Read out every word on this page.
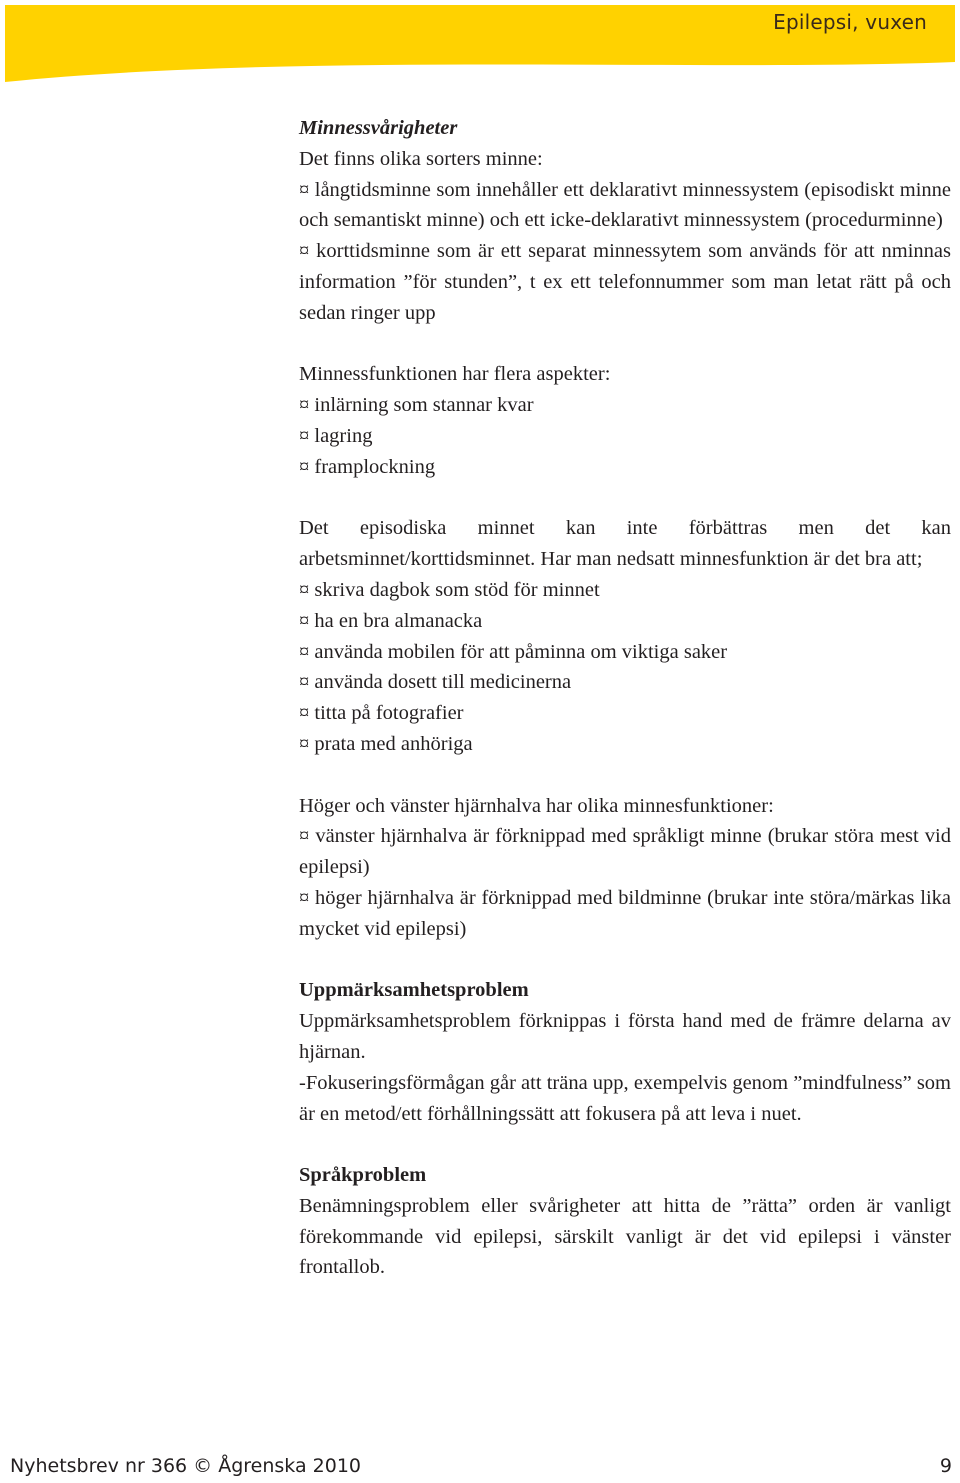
Epilepsi, vuxen

Minnessvårigheter

Det finns olika sorters minne:

¤ långtidsminne som innehåller ett deklarativt minnessystem (episodiskt minne och semantiskt minne) och ett icke-deklarativt minnessystem (procedurminne)

¤ korttidsminne som är ett separat minnessytem som används för att nminnas information ”för stunden”, t ex ett telefonnummer som man letat rätt på och sedan ringer upp

Minnessfunktionen har flera aspekter:

¤ inlärning som stannar kvar

¤ lagring

¤ framplockning

Det episodiska minnet kan inte förbättras men det kan arbetsminnet/korttidsminnet. Har man nedsatt minnesfunktion är det bra att;

¤ skriva dagbok som stöd för minnet

¤ ha en bra almanacka

¤ använda mobilen för att påminna om viktiga saker

¤ använda dosett till medicinerna

¤ titta på fotografier

¤ prata med anhöriga

Höger och vänster hjärnhalva har olika minnesfunktioner:

¤ vänster hjärnhalva är förknippad med språkligt minne (brukar störa mest vid epilepsi)

¤ höger hjärnhalva är förknippad med bildminne (brukar inte störa/märkas lika mycket vid epilepsi)

Uppmärksamhetsproblem

Uppmärksamhetsproblem förknippas i första hand med de främre delarna av hjärnan.

-Fokuseringsförmågan går att träna upp, exempelvis genom ”mindfulness” som är en metod/ett förhållningssätt att fokusera på att leva i nuet.

Språkproblem

Benämningsproblem eller svårigheter att hitta de ”rätta” orden är vanligt förekommande vid epilepsi, särskilt vanligt är det vid epilepsi i vänster frontallob.

Nyhetsbrev nr 366 © Ågrenska 2010	9
